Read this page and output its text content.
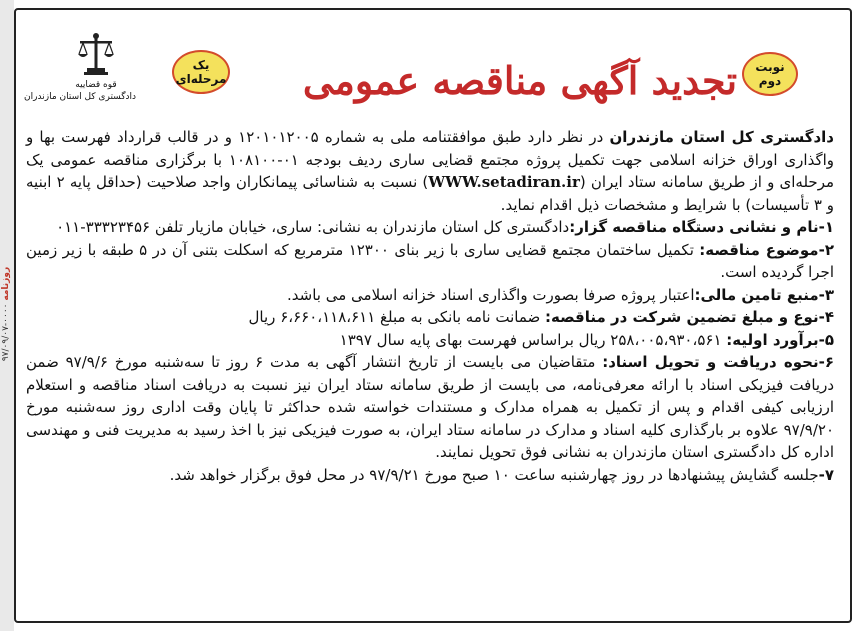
روزنامه ۰۰۰۰-۹۷/۰۹/۰۷
قوه قضاییه
دادگستری کل استان مازندران
یک مرحله‌ای
نوبت دوم
تجدید آگهی مناقصه عمومی

دادگستری کل استان مازندران در نظر دارد طبق موافقتنامه ملی به شماره ۱۲۰۱۰۱۲۰۰۵ و در قالب قرارداد فهرست بها و واگذاری اوراق خزانه اسلامی جهت تکمیل پروژه مجتمع قضایی ساری ردیف بودجه ۰۱-۱۰۸۱۰۰ با برگزاری مناقصه عمومی یک مرحله‌ای و از طریق سامانه ستاد ایران (WWW.setadiran.ir) نسبت به شناسائی پیمانکاران واجد صلاحیت (حداقل پایه ۲ ابنیه و ۳ تأسیسات) با شرایط و مشخصات ذیل اقدام نماید.

۱-نام و نشانی دستگاه مناقصه گزار:دادگستری کل استان مازندران به نشانی: ساری، خیابان مازیار تلفن ۳۳۳۲۳۴۵۶-۰۱۱

۲-موضوع مناقصه: تکمیل ساختمان مجتمع قضایی ساری با زیر بنای ۱۲۳۰۰ مترمربع که اسکلت بتنی آن در ۵ طبقه با زیر زمین اجرا گردیده است.

۳-منبع تامین مالی:اعتبار پروژه صرفا بصورت واگذاری اسناد خزانه اسلامی می باشد.

۴-نوع و مبلغ تضمین شرکت در مناقصه: ضمانت نامه بانکی به مبلغ ۶،۶۶۰،۱۱۸،۶۱۱ ریال

۵-برآورد اولیه: ۲۵۸،۰۰۵،۹۳۰،۵۶۱ ریال براساس فهرست بهای پایه سال ۱۳۹۷

۶-نحوه دریافت و تحویل اسناد: متقاضیان می بایست از تاریخ انتشار آگهی به مدت ۶ روز تا سه‌شنبه مورخ ۹۷/۹/۶ ضمن دریافت فیزیکی اسناد با ارائه معرفی‌نامه، می بایست از طریق سامانه ستاد ایران نیز نسبت به دریافت اسناد مناقصه و استعلام ارزیابی کیفی اقدام و پس از تکمیل به همراه مدارک و مستندات خواسته شده حداکثر تا پایان وقت اداری روز سه‌شنبه مورخ ۹۷/۹/۲۰ علاوه بر بارگذاری کلیه اسناد و مدارک در سامانه ستاد ایران، به صورت فیزیکی نیز با اخذ رسید به مدیریت فنی و مهندسی اداره کل دادگستری استان مازندران به نشانی فوق تحویل نمایند.

۷-جلسه گشایش پیشنهادها در روز چهارشنبه ساعت ۱۰ صبح مورخ ۹۷/۹/۲۱ در محل فوق برگزار خواهد شد.
